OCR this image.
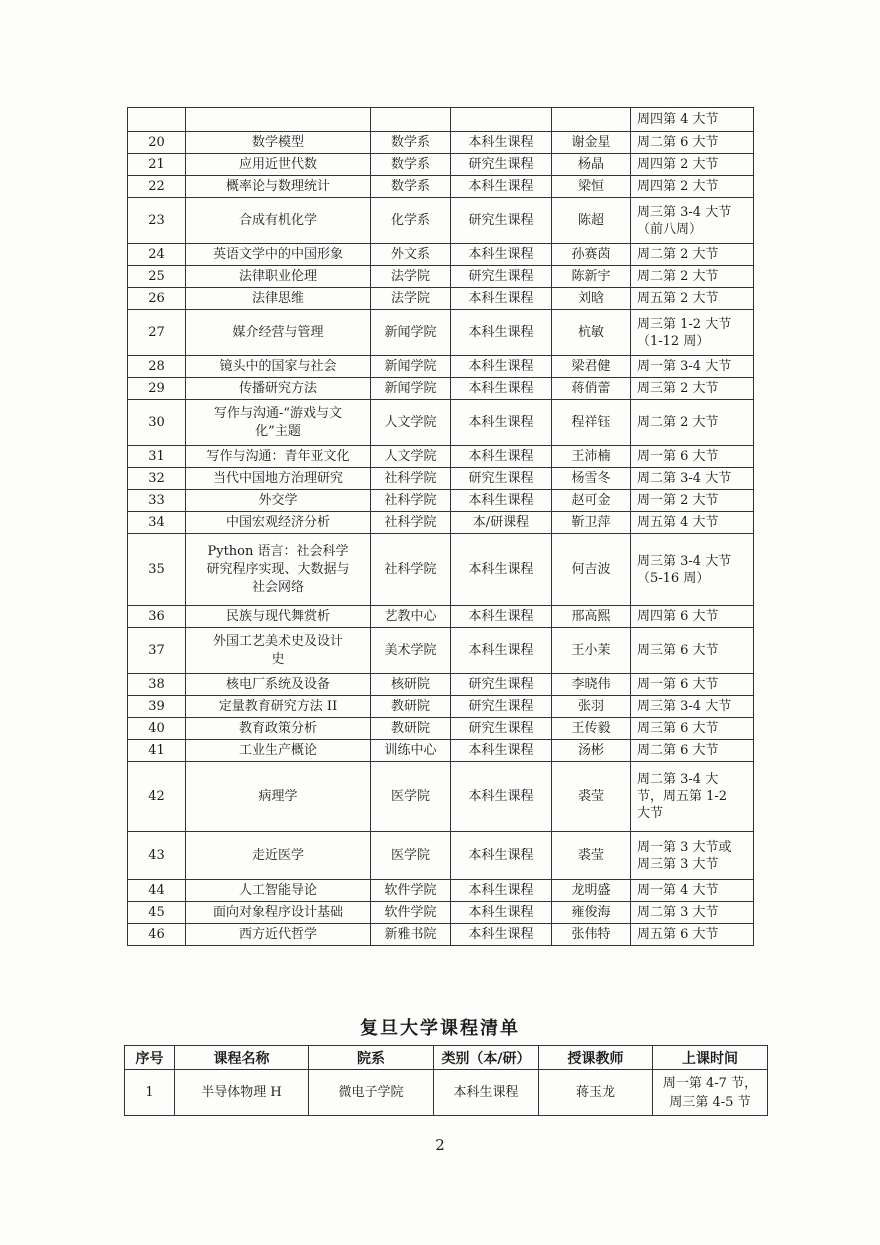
					周四第 4 大节
20	数学模型	数学系	本科生课程	谢金星	周二第 6 大节
21	应用近世代数	数学系	研究生课程	杨晶	周四第 2 大节
22	概率论与数理统计	数学系	本科生课程	梁恒	周四第 2 大节
23	合成有机化学	化学系	研究生课程	陈超	周三第 3-4 大节
（前八周）
24	英语文学中的中国形象	外文系	本科生课程	孙赛茵	周二第 2 大节
25	法律职业伦理	法学院	研究生课程	陈新宇	周二第 2 大节
26	法律思维	法学院	本科生课程	刘晗	周五第 2 大节
27	媒介经营与管理	新闻学院	本科生课程	杭敏	周三第 1-2 大节
（1-12 周）
28	镜头中的国家与社会	新闻学院	本科生课程	梁君健	周一第 3-4 大节
29	传播研究方法	新闻学院	本科生课程	蒋俏蕾	周三第 2 大节
30	写作与沟通-“游戏与文
化”主题	人文学院	本科生课程	程祥钰	周二第 2 大节
31	写作与沟通：青年亚文化	人文学院	本科生课程	王沛楠	周一第 6 大节
32	当代中国地方治理研究	社科学院	研究生课程	杨雪冬	周二第 3-4 大节
33	外交学	社科学院	本科生课程	赵可金	周一第 2 大节
34	中国宏观经济分析	社科学院	本/研课程	靳卫萍	周五第 4 大节
35	Python 语言：社会科学
研究程序实现、大数据与
社会网络	社科学院	本科生课程	何吉波	周三第 3-4 大节
（5-16 周）
36	民族与现代舞赏析	艺教中心	本科生课程	邢高熙	周四第 6 大节
37	外国工艺美术史及设计
史	美术学院	本科生课程	王小茉	周三第 6 大节
38	核电厂系统及设备	核研院	研究生课程	李晓伟	周一第 6 大节
39	定量教育研究方法 II	教研院	研究生课程	张羽	周三第 3-4 大节
40	教育政策分析	教研院	研究生课程	王传毅	周三第 6 大节
41	工业生产概论	训练中心	本科生课程	汤彬	周二第 6 大节
42	病理学	医学院	本科生课程	裘莹	周二第 3-4 大
节，周五第 1-2
大节
43	走近医学	医学院	本科生课程	裘莹	周一第 3 大节或
周三第 3 大节
44	人工智能导论	软件学院	本科生课程	龙明盛	周一第 4 大节
45	面向对象程序设计基础	软件学院	本科生课程	雍俊海	周二第 3 大节
46	西方近代哲学	新雅书院	本科生课程	张伟特	周五第 6 大节
复旦大学课程清单
序号	课程名称	院系	类别（本/研）	授课教师	上课时间
1	半导体物理 H	微电子学院	本科生课程	蒋玉龙	周一第 4-7 节，
周三第 4-5 节
2
